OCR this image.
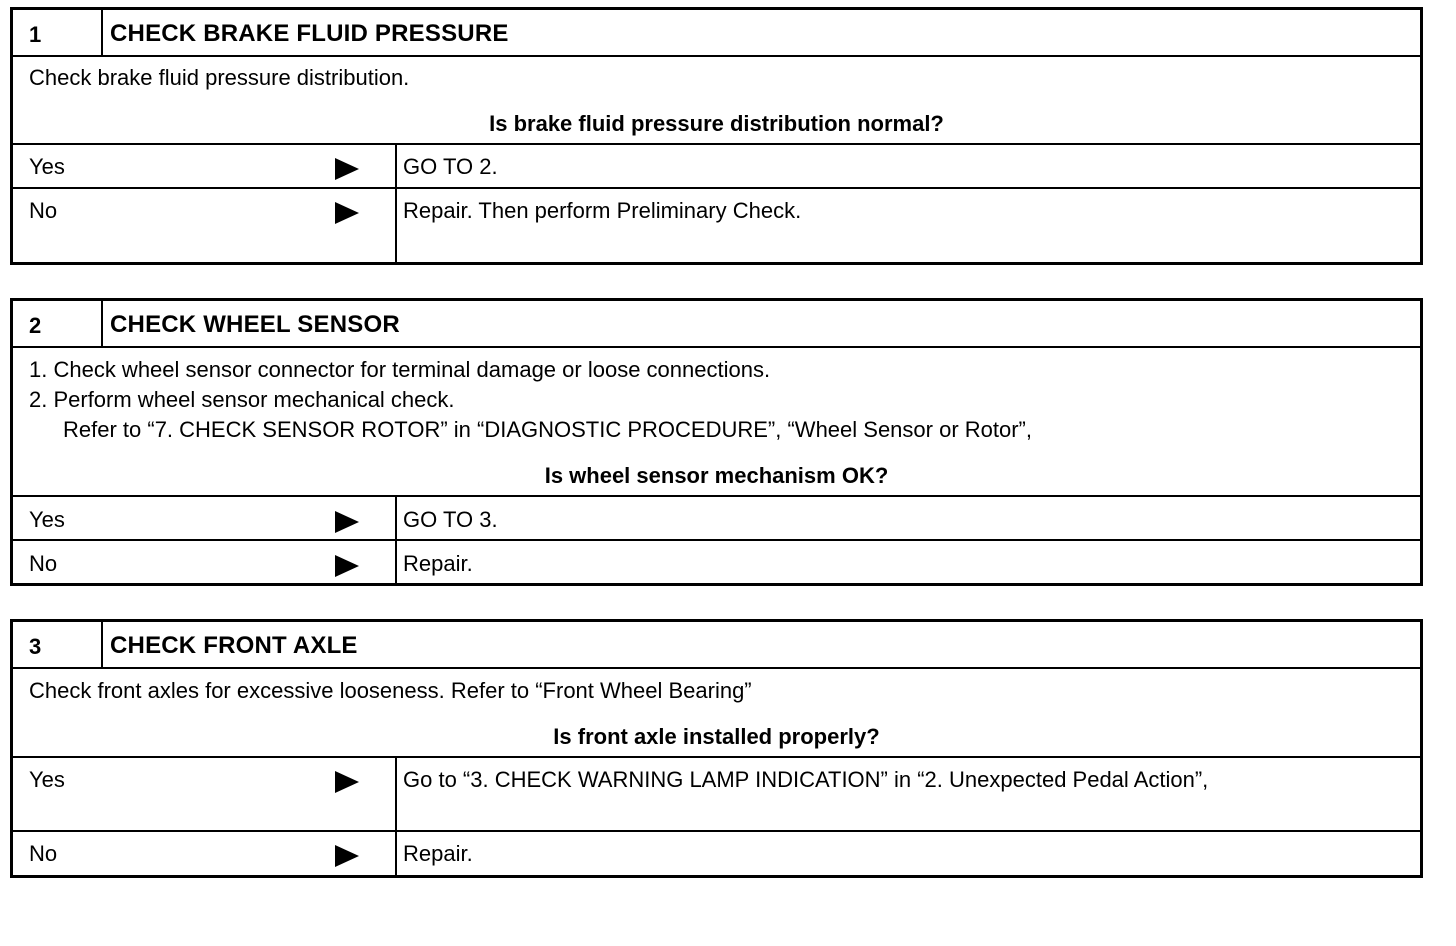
1	CHECK BRAKE FLUID PRESSURE
Check brake fluid pressure distribution.
Is brake fluid pressure distribution normal?
Yes	GO TO 2.
No	Repair. Then perform Preliminary Check.
2	CHECK WHEEL SENSOR
1. Check wheel sensor connector for terminal damage or loose connections.
2. Perform wheel sensor mechanical check.
Refer to “7. CHECK SENSOR ROTOR” in “DIAGNOSTIC PROCEDURE”, “Wheel Sensor or Rotor”,
Is wheel sensor mechanism OK?
Yes	GO TO 3.
No	Repair.
3	CHECK FRONT AXLE
Check front axles for excessive looseness. Refer to “Front Wheel Bearing”
Is front axle installed properly?
Yes	Go to “3. CHECK WARNING LAMP INDICATION” in “2. Unexpected Pedal Action”,
No	Repair.
